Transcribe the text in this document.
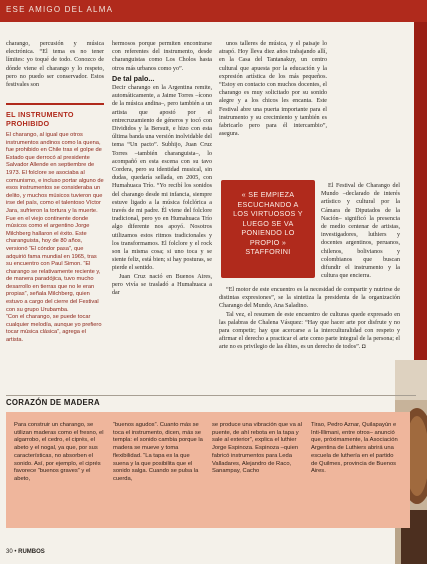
ESE AMIGO DEL ALMA

charango, percusión y música electrónica. “El tema es no tener límites: yo toqué de todo. Conozco de dónde viene el charango y lo respeto, pero no puedo ser conservador. Estos festivales son

EL INSTRUMENTO PROHIBIDO

El charango, al igual que otros instrumentos andinos como la quena, fue prohibido en Chile tras el golpe de Estado que derrocó al presidente Salvador Allende en septiembre de 1973. El folclore se asociaba al comunismo, e incluso portar alguno de esos instrumentos se consideraba un delito, y muchos músicos tuvieron que irse del país, como el talentoso Víctor Jara, sufrieron la tortura y la muerte.

Fue en el viejo continente donde músicos como el argentino Jorge Milchberg hallaron el éxito. Este charanguista, hoy de 80 años, versionó “El cóndor pasa”, que adquirió fama mundial en 1965, tras su encuentro con Paul Simon. “El charango se relativamente reciente y, de manera paradójica, tuvo mucho desarrollo en tierras que no le eran propias”, señala Milchberg, quien estuvo a cargo del cierre del Festival con su grupo Urubamba.

“Con el charango, se puede tocar cualquier melodía, aunque yo prefiero tocar música clásica”, agrega el artista.

hermosos porque permiten encontrarse con referentes del instrumento, desde charanguistas como Los Cholos hasta otros más urbanos como yo”.

De tal palo...

Decir charango en la Argentina remite, automáticamente, a Jaime Torres –ícono de la música andina–, pero también a un artista que apostó por el entrecruzamiento de géneros y tocó con Divididos y la Bersuit, e hizo con esta última banda una versión inolvidable del tema “Un pacto”. Subhijo, Juan Cruz Torres –también charanguista–, lo acompañó en esta escena con su tavo Cordera, pero su identidad musical, sin dudas, quedaría sellada, en 2005, con Humahuaca Trío. “Yo recibí los sonidos del charango desde mi infancia, siempre estuve ligado a la música folclórica a través de mi padre. Él viene del folclore tradicional, pero yo en Humahuaca Trío algo diferente nos apoyó. Nosotros utilizamos estos ritmos tradicionales y los transformamos. El folclore y el rock son la misma cosa; si uno toca y se siente feliz, está bien; si hay posturas, se pierde el sentido.

Juan Cruz nació en Buenos Aires, pero vivía se trasladó a Humahuaca a dar

unos talleres de música, y el paisaje lo atrapó. Hoy lleva diez años trabajando allí, en la Casa del Tantanakuy, un centro cultural que apuesta por la educación y la expresión artística de los más pequeños. “Estoy en contacto con muchos docentes, el charango es muy solicitado por su sonido alegre y a los chicos les encanta. Este Festival abre una puerta importante para el instrumento y su crecimiento y también es fabricarlo pero para él intercambio”, asegura.

« SE EMPIEZA ESCUCHANDO A LOS VIRTUOSOS Y LUEGO SE VA PONIENDO LO PROPIO » STAFFORINI

El Festival de Charango del Mundo –declarado de interés artístico y cultural por la Cámara de Diputados de la Nación– significó la presencia de medio centenar de artistas, investigadores, luthiers y docentes argentinos, peruanos, chilenos, bolivianos y colombianos que buscan difundir el instrumento y la cultura que encierra.

“El motor de este encuentro es la necesidad de compartir y nutrirse de distintas expresiones”, se la sintetiza la presidenta de la organización Charango del Mundo, Ana Saladino.

Tal vez, el resumen de este encuentro de culturas quede expresado en las palabras de Chalena Vásquez: “Hay que hacer arte por disfrute y no para competir; hay que acercarse a la interculturalidad con respeto y afirmar el derecho a practicar el arte como parte integral de la persona; el arte no es privilegio de las élites, es un derecho de todos”. ◘

CORAZÓN DE MADERA
Para construir un charango, se utilizan maderas como el fresno, el algarrobo, el cedro, el ciprés, el abeto y el nogal, ya que, por sus características, no absorben el sonido. Así, por ejemplo, el ciprés favorece “buenos graves” y el abeto,
“buenos agudos”. Cuanto más se toca el instrumento, dicen, más se templa: el sonido cambia porque la madera se mueve y toma flexibilidad. “La tapa es la que suena y la que posibilita que el sonido salga. Cuando se pulsa la cuerda,
se produce una vibración que va al puente, de ahí rebota en la tapa y sale al exterior”, explica el luthier Jorge Espinoza. Espinoza –quien fabricó instrumentos para Leda Valladares, Alejandro de Raco, Sanampay, Cacho
Tirao, Pedro Aznar, Quilapayún e Inti-Illimani, entre otros– anunció que, próximamente, la Asociación Argentina de Luthiers abrirá una escuela de luthería en el partido de Quilmes, provincia de Buenos Aires.
30 • RUMBOS
